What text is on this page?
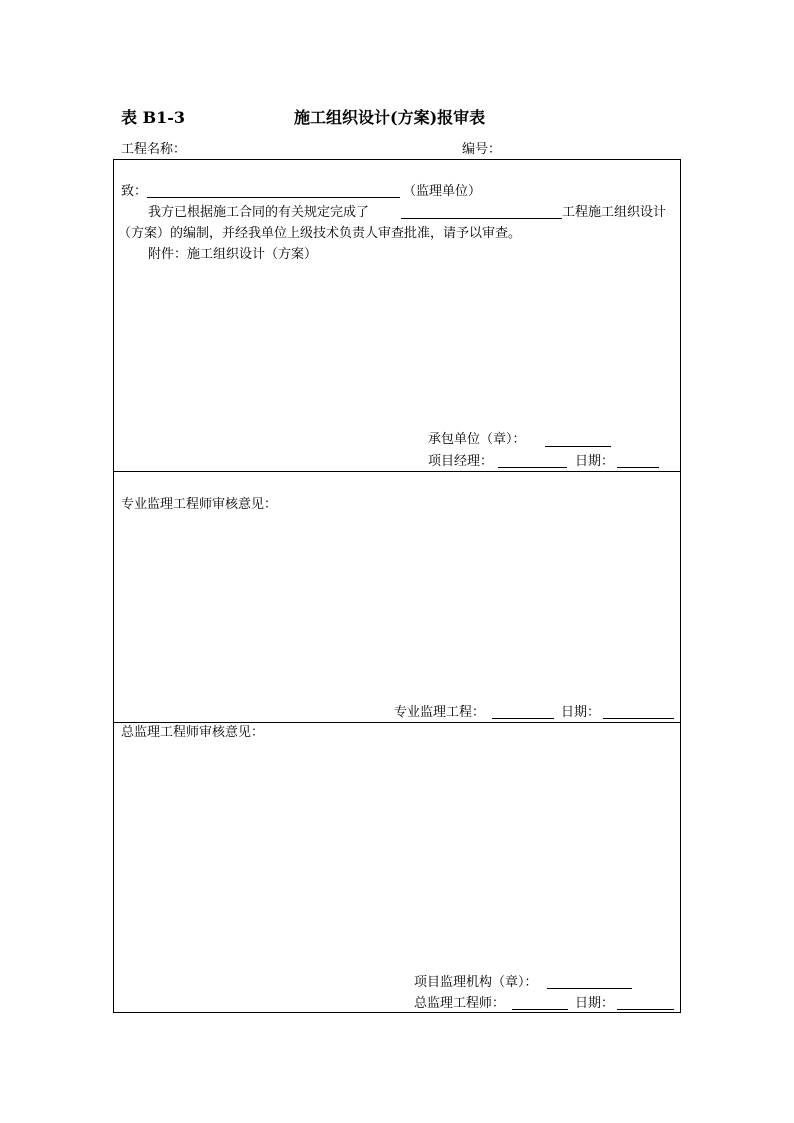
表 B1-3	施工组织设计(方案)报审表
工程名称：	编号：
致：	（监理单位）
我方已根据施工合同的有关规定完成了	工程施工组织设计
（方案）的编制，并经我单位上级技术负责人审查批准，请予以审查。
附件：施工组织设计（方案）
承包单位（章）：
项目经理：	日期：
专业监理工程师审核意见：
专业监理工程：	日期：
总监理工程师审核意见：
项目监理机构（章）：
总监理工程师：	日期：
